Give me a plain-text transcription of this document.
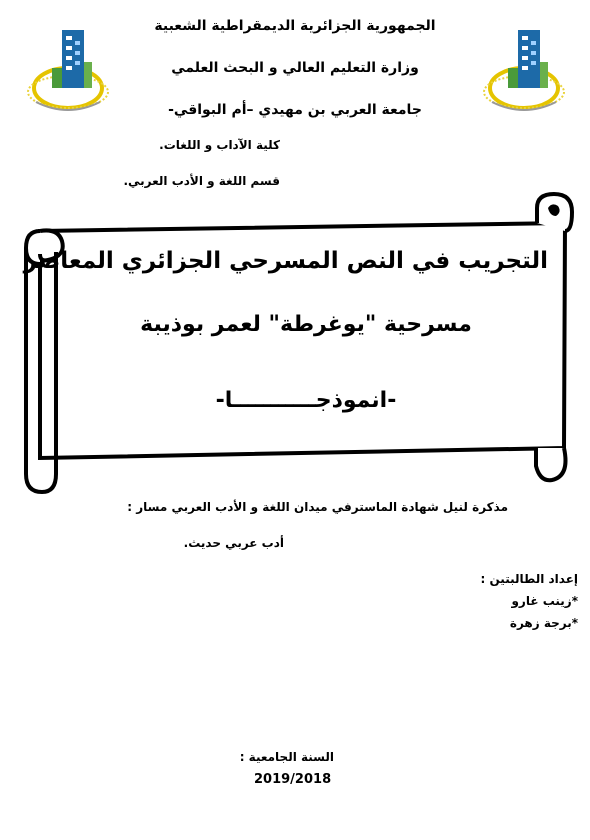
الجمهورية الجزائرية الديمقراطية الشعبية
وزارة التعليم العالي و البحث العلمي
جامعة العربي بن مهيدي –أم البواقي-
كلية الآداب و اللغات.
قسم اللغة و الأدب العربي.
التجريب في النص المسرحي الجزائري المعاصر
مسرحية "يوغرطة" لعمر بوذيبة
-انموذجـــــــــــا-
مذكرة لنيل شهادة الماسترفي ميدان اللغة و الأدب العربي مسار :
أدب عربي حديث.
إعداد الطالبتين :
*زينب غارو
*برجة زهرة
السنة الجامعية :
2019/2018
